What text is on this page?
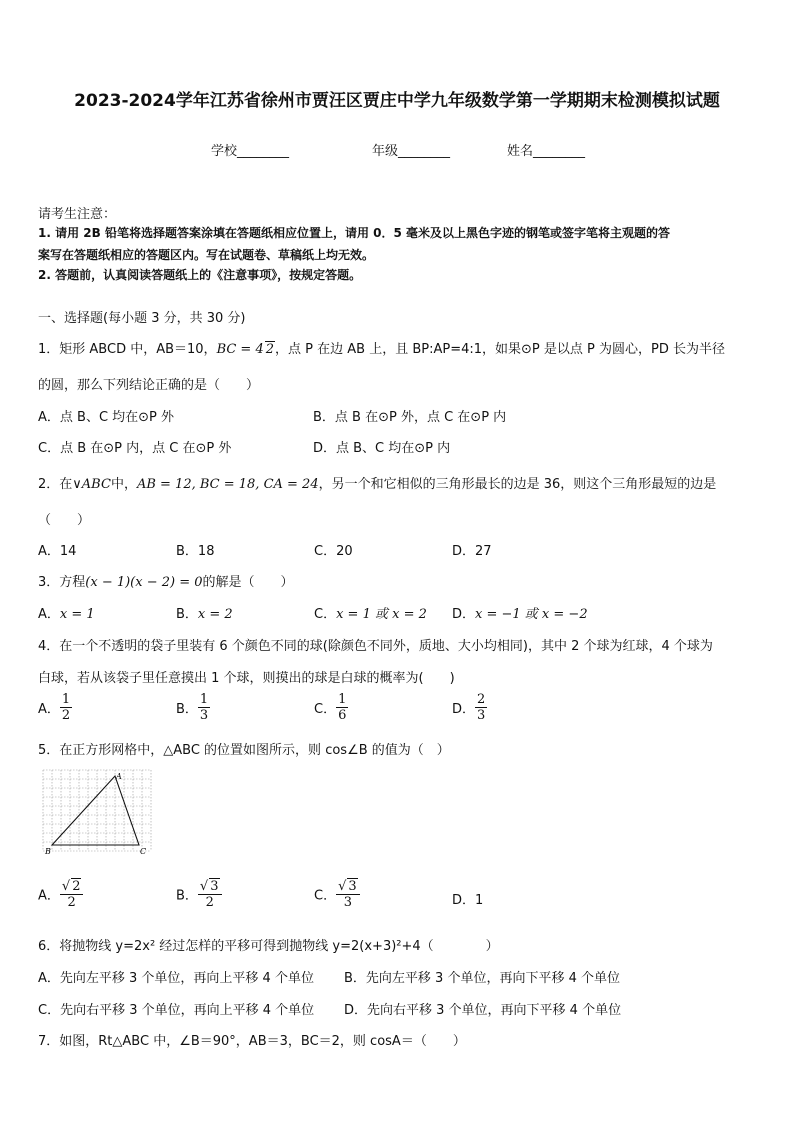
2023-2024学年江苏省徐州市贾汪区贾庄中学九年级数学第一学期期末检测模拟试题
学校________	年级________	姓名________
请考生注意：
1. 请用 2B 铅笔将选择题答案涂填在答题纸相应位置上，请用 0．5 毫米及以上黑色字迹的钢笔或签字笔将主观题的答
案写在答题纸相应的答题区内。写在试题卷、草稿纸上均无效。
2. 答题前，认真阅读答题纸上的《注意事项》，按规定答题。
一、选择题(每小题 3 分，共 30 分)
1．矩形 ABCD 中，AB＝10，BC = 4 2，点 P 在边 AB 上，且 BP:AP=4:1，如果⊙P 是以点 P 为圆心，PD 长为半径
的圆，那么下列结论正确的是（　　）
A．点 B、C 均在⊙P 外	B．点 B 在⊙P 外，点 C 在⊙P 内
C．点 B 在⊙P 内，点 C 在⊙P 外	D．点 B、C 均在⊙P 内
2．在∨ABC中，AB = 12, BC = 18, CA = 24，另一个和它相似的三角形最长的边是 36，则这个三角形最短的边是
（　　）
A．14	B．18	C．20	D．27
3．方程(x − 1)(x − 2) = 0的解是（　　）
A．x = 1	B．x = 2	C．x = 1 或 x = 2 D．x = −1 或 x = −2
4．在一个不透明的袋子里装有 6 个颜色不同的球(除颜色不同外，质地、大小均相同)，其中 2 个球为红球，4 个球为
白球，若从该袋子里任意摸出 1 个球，则摸出的球是白球的概率为(　　)
A． $\frac{1}{2}$	B． $\frac{1}{3}$	C． $\frac{1}{6}$	D． $\frac{2}{3}$
5．在正方形网格中，△ABC 的位置如图所示，则 cos∠B 的值为（　）
A
B	C
A． $\frac{√ 2}{2}$	B． $\frac{√ 3}{2}$	C． $\frac{√ 3}{3}$	D．1
6．将抛物线 y=2x² 经过怎样的平移可得到抛物线 y=2(x+3)²+4（　　　　）
A．先向左平移 3 个单位，再向上平移 4 个单位 B．先向左平移 3 个单位，再向下平移 4 个单位
C．先向右平移 3 个单位，再向上平移 4 个单位 D．先向右平移 3 个单位，再向下平移 4 个单位
7．如图，Rt△ABC 中，∠B＝90°，AB＝3，BC＝2，则 cosA＝（　　）
